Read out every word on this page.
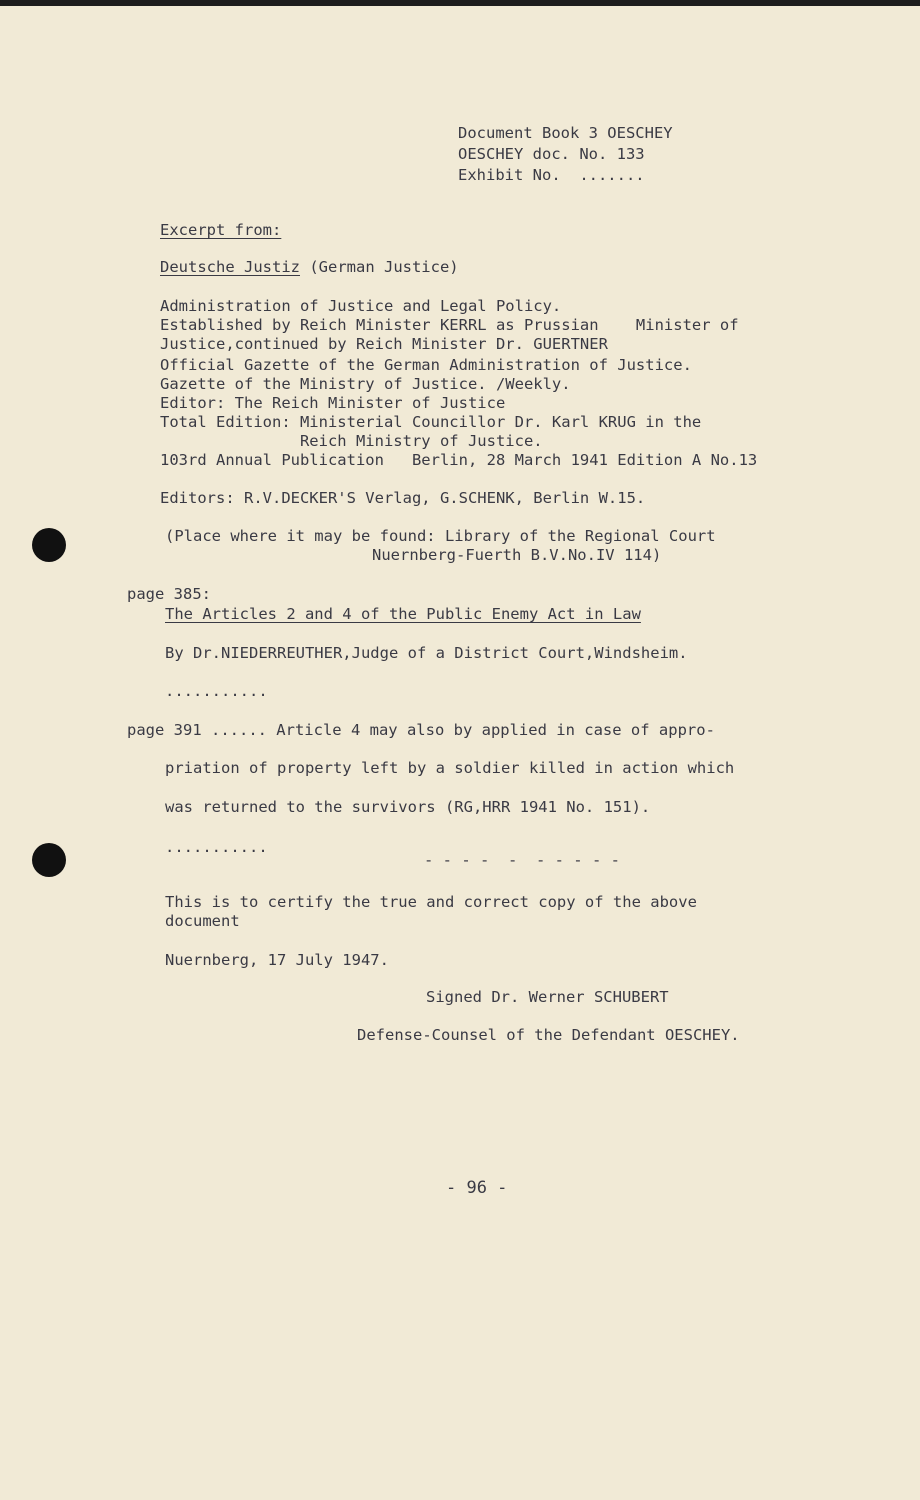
Document Book 3 OESCHEY
OESCHEY doc. No. 133
Exhibit No.  .......
Excerpt from:
Deutsche Justiz (German Justice)
Administration of Justice and Legal Policy.
Established by Reich Minister KERRL as Prussian    Minister of
Justice,continued by Reich Minister Dr. GUERTNER
Official Gazette of the German Administration of Justice.
Gazette of the Ministry of Justice. /Weekly.
Editor: The Reich Minister of Justice
Total Edition: Ministerial Councillor Dr. Karl KRUG in the
Reich Ministry of Justice.
103rd Annual Publication   Berlin, 28 March 1941 Edition A No.13
Editors: R.V.DECKER'S Verlag, G.SCHENK, Berlin W.15.
(Place where it may be found: Library of the Regional Court
Nuernberg-Fuerth B.V.No.IV 114)
page 385:
The Articles 2 and 4 of the Public Enemy Act in Law
By Dr.NIEDERREUTHER,Judge of a District Court,Windsheim.
...........
page 391 ...... Article 4 may also by applied in case of appro-
priation of property left by a soldier killed in action which
was returned to the survivors (RG,HRR 1941 No. 151).
...........
- - - -  -  - - - - -
This is to certify the true and correct copy of the above
document
Nuernberg, 17 July 1947.
Signed Dr. Werner SCHUBERT
Defense-Counsel of the Defendant OESCHEY.
- 96 -
